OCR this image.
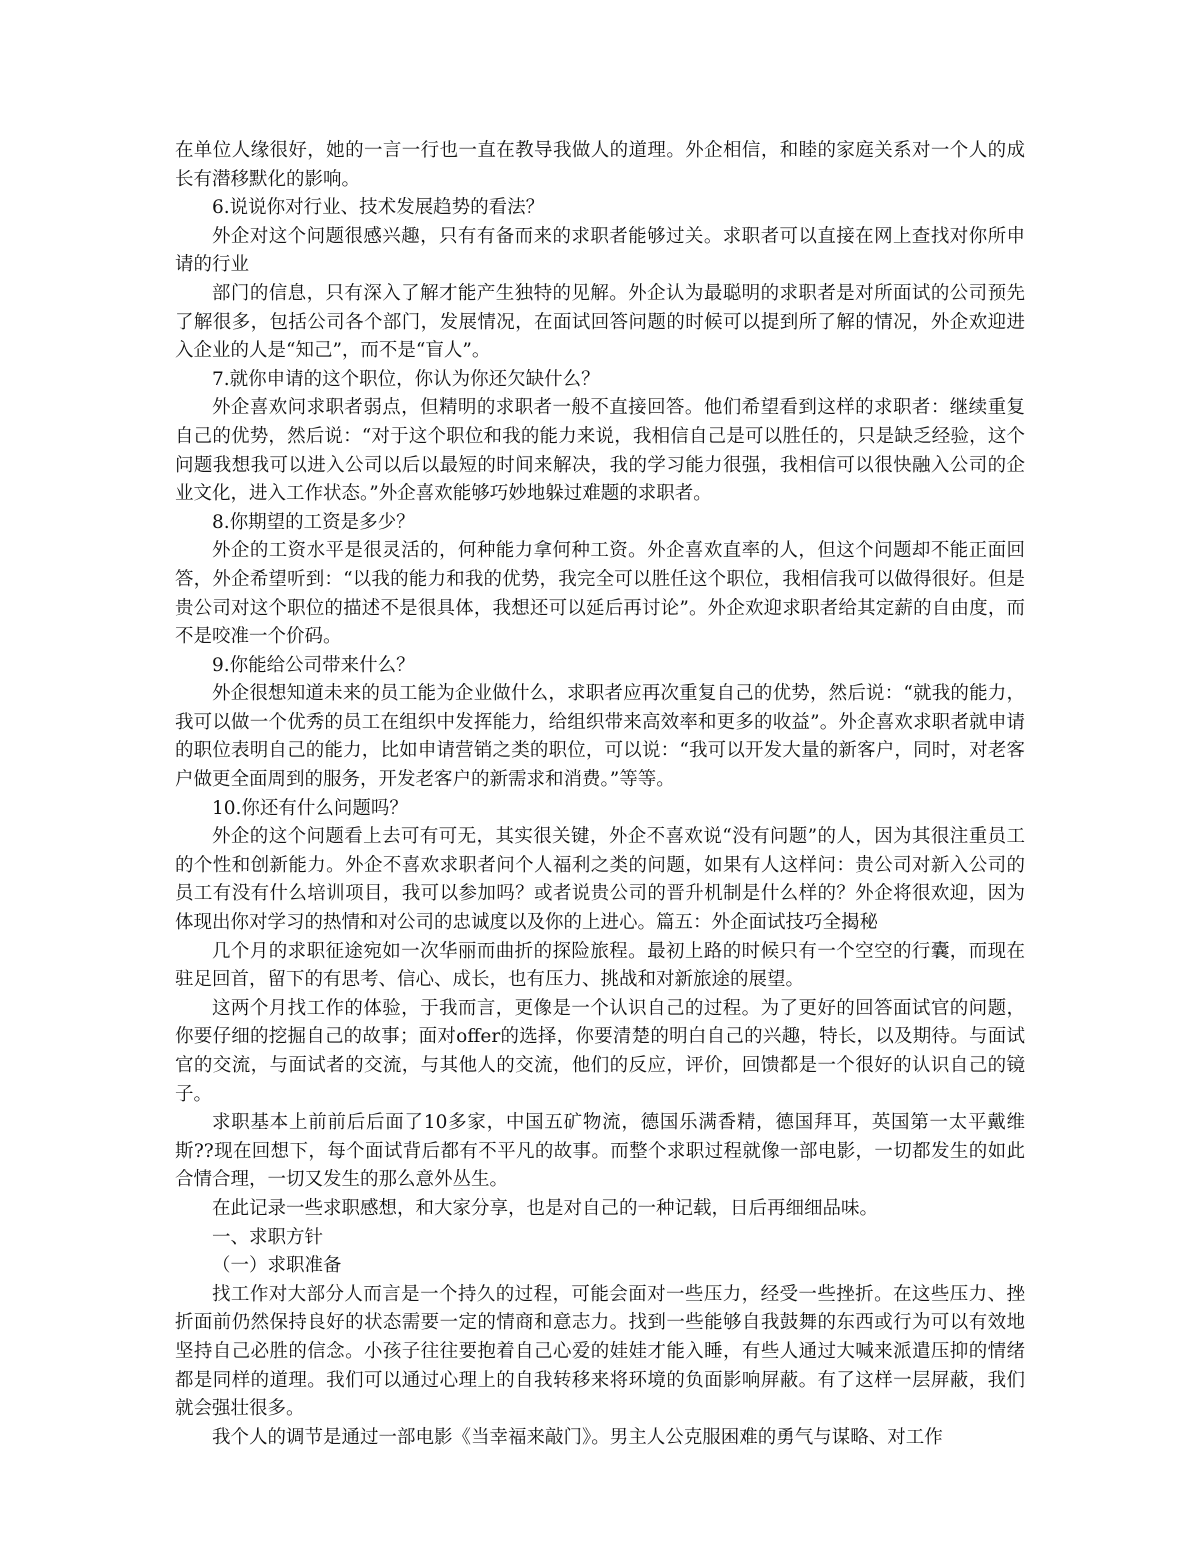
在单位人缘很好，她的一言一行也一直在教导我做人的道理。外企相信，和睦的家庭关系对一个人的成长有潜移默化的影响。

6.说说你对行业、技术发展趋势的看法？

外企对这个问题很感兴趣，只有有备而来的求职者能够过关。求职者可以直接在网上查找对你所申请的行业

部门的信息，只有深入了解才能产生独特的见解。外企认为最聪明的求职者是对所面试的公司预先了解很多，包括公司各个部门，发展情况，在面试回答问题的时候可以提到所了解的情况，外企欢迎进入企业的人是“知己”，而不是“盲人”。

7.就你申请的这个职位，你认为你还欠缺什么？

外企喜欢问求职者弱点，但精明的求职者一般不直接回答。他们希望看到这样的求职者：继续重复自己的优势，然后说：“对于这个职位和我的能力来说，我相信自己是可以胜任的，只是缺乏经验，这个问题我想我可以进入公司以后以最短的时间来解决，我的学习能力很强，我相信可以很快融入公司的企业文化，进入工作状态。”外企喜欢能够巧妙地躲过难题的求职者。

8.你期望的工资是多少？

外企的工资水平是很灵活的，何种能力拿何种工资。外企喜欢直率的人，但这个问题却不能正面回答，外企希望听到：“以我的能力和我的优势，我完全可以胜任这个职位，我相信我可以做得很好。但是贵公司对这个职位的描述不是很具体，我想还可以延后再讨论”。外企欢迎求职者给其定薪的自由度，而不是咬准一个价码。

9.你能给公司带来什么？

外企很想知道未来的员工能为企业做什么，求职者应再次重复自己的优势，然后说：“就我的能力，我可以做一个优秀的员工在组织中发挥能力，给组织带来高效率和更多的收益”。外企喜欢求职者就申请的职位表明自己的能力，比如申请营销之类的职位，可以说：“我可以开发大量的新客户，同时，对老客户做更全面周到的服务，开发老客户的新需求和消费。”等等。

10.你还有什么问题吗？

外企的这个问题看上去可有可无，其实很关键，外企不喜欢说“没有问题”的人，因为其很注重员工的个性和创新能力。外企不喜欢求职者问个人福利之类的问题，如果有人这样问：贵公司对新入公司的员工有没有什么培训项目，我可以参加吗？或者说贵公司的晋升机制是什么样的？外企将很欢迎，因为体现出你对学习的热情和对公司的忠诚度以及你的上进心。篇五：外企面试技巧全揭秘

几个月的求职征途宛如一次华丽而曲折的探险旅程。最初上路的时候只有一个空空的行囊，而现在驻足回首，留下的有思考、信心、成长，也有压力、挑战和对新旅途的展望。

这两个月找工作的体验，于我而言，更像是一个认识自己的过程。为了更好的回答面试官的问题，你要仔细的挖掘自己的故事；面对offer的选择，你要清楚的明白自己的兴趣，特长，以及期待。与面试官的交流，与面试者的交流，与其他人的交流，他们的反应，评价，回馈都是一个很好的认识自己的镜子。

求职基本上前前后后面了10多家，中国五矿物流，德国乐满香精，德国拜耳，英国第一太平戴维斯??现在回想下，每个面试背后都有不平凡的故事。而整个求职过程就像一部电影，一切都发生的如此合情合理，一切又发生的那么意外丛生。

在此记录一些求职感想，和大家分享，也是对自己的一种记载，日后再细细品味。

一、求职方针

（一）求职准备

找工作对大部分人而言是一个持久的过程，可能会面对一些压力，经受一些挫折。在这些压力、挫折面前仍然保持良好的状态需要一定的情商和意志力。找到一些能够自我鼓舞的东西或行为可以有效地坚持自己必胜的信念。小孩子往往要抱着自己心爱的娃娃才能入睡，有些人通过大喊来派遣压抑的情绪都是同样的道理。我们可以通过心理上的自我转移来将环境的负面影响屏蔽。有了这样一层屏蔽，我们就会强壮很多。

我个人的调节是通过一部电影《当幸福来敲门》。男主人公克服困难的勇气与谋略、对工作
